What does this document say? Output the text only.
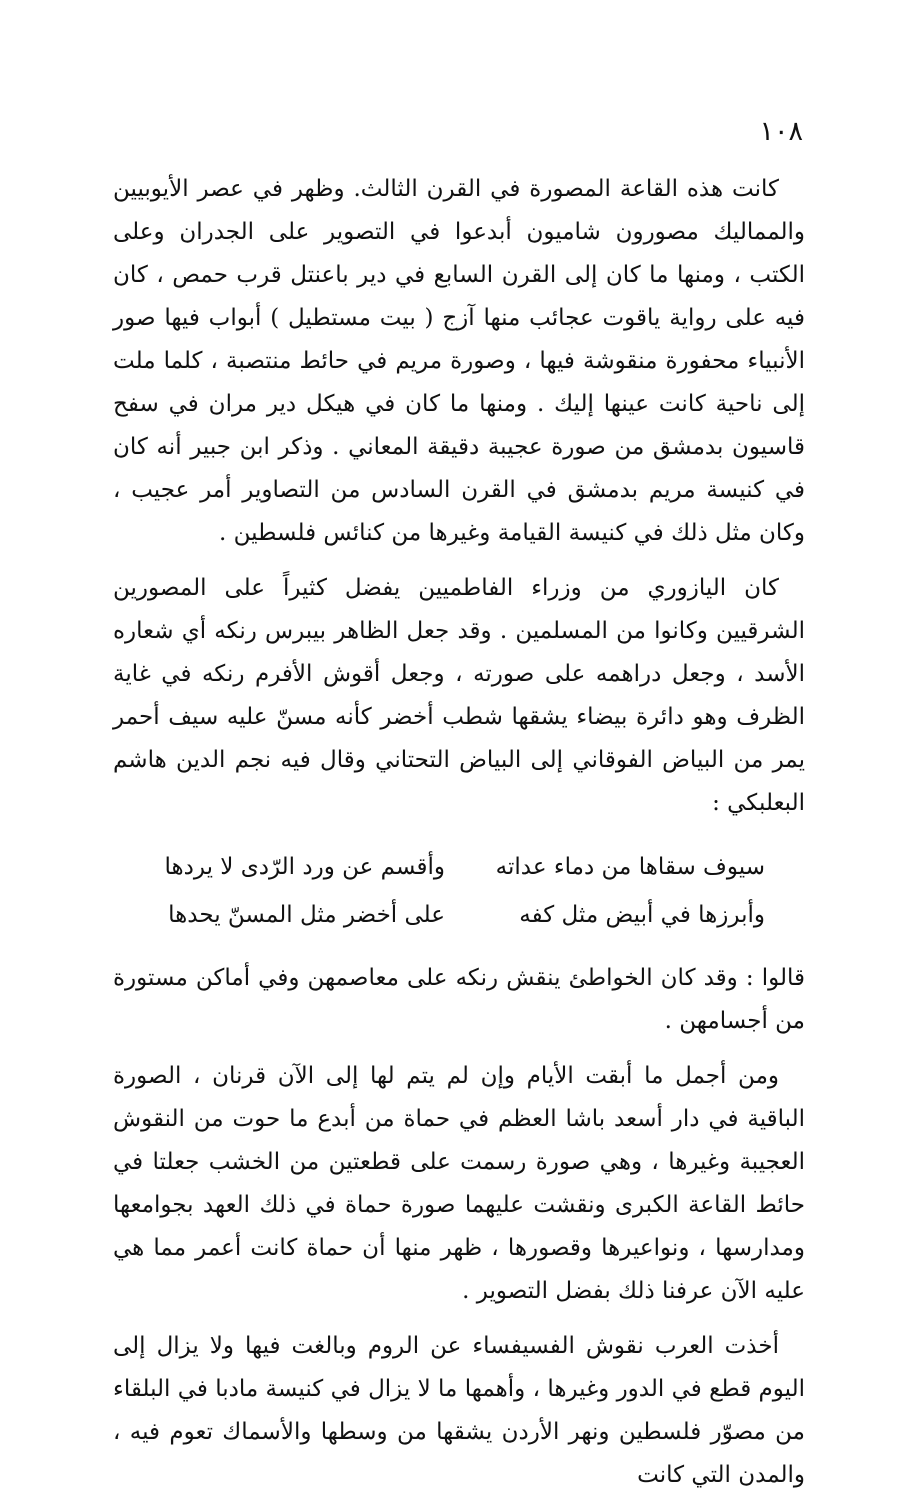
١٠٨

كانت هذه القاعة المصورة في القرن الثالث. وظهر في عصر الأيوبيين والمماليك مصورون شاميون أبدعوا في التصوير على الجدران وعلى الكتب ، ومنها ما كان إلى القرن السابع في دير باعنتل قرب حمص ، كان فيه على رواية ياقوت عجائب منها آزج ( بيت مستطيل ) أبواب فيها صور الأنبياء محفورة منقوشة فيها ، وصورة مريم في حائط منتصبة ، كلما ملت إلى ناحية كانت عينها إليك . ومنها ما كان في هيكل دير مران في سفح قاسيون بدمشق من صورة عجيبة دقيقة المعاني . وذكر ابن جبير أنه كان في كنيسة مريم بدمشق في القرن السادس من التصاوير أمر عجيب ، وكان مثل ذلك في كنيسة القيامة وغيرها من كنائس فلسطين .

كان اليازوري من وزراء الفاطميين يفضل كثيراً على المصورين الشرقيين وكانوا من المسلمين . وقد جعل الظاهر بيبرس رنكه أي شعاره الأسد ، وجعل دراهمه على صورته ، وجعل أقوش الأفرم رنكه في غاية الظرف وهو دائرة بيضاء يشقها شطب أخضر كأنه مسنّ عليه سيف أحمر يمر من البياض الفوقاني إلى البياض التحتاني وقال فيه نجم الدين هاشم البعلبكي :

سيوف سقاها من دماء عداته
وأقسم عن ورد الرّدى لا يردها
وأبرزها في أبيض مثل كفه
على أخضر مثل المسنّ يحدها

قالوا : وقد كان الخواطئ ينقش رنكه على معاصمهن وفي أماكن مستورة من أجسامهن .

ومن أجمل ما أبقت الأيام وإن لم يتم لها إلى الآن قرنان ، الصورة الباقية في دار أسعد باشا العظم في حماة من أبدع ما حوت من النقوش العجيبة وغيرها ، وهي صورة رسمت على قطعتين من الخشب جعلتا في حائط القاعة الكبرى ونقشت عليهما صورة حماة في ذلك العهد بجوامعها ومدارسها ، ونواعيرها وقصورها ، ظهر منها أن حماة كانت أعمر مما هي عليه الآن عرفنا ذلك بفضل التصوير .

أخذت العرب نقوش الفسيفساء عن الروم وبالغت فيها ولا يزال إلى اليوم قطع في الدور وغيرها ، وأهمها ما لا يزال في كنيسة مادبا في البلقاء من مصوّر فلسطين ونهر الأردن يشقها من وسطها والأسماك تعوم فيه ، والمدن التي كانت
